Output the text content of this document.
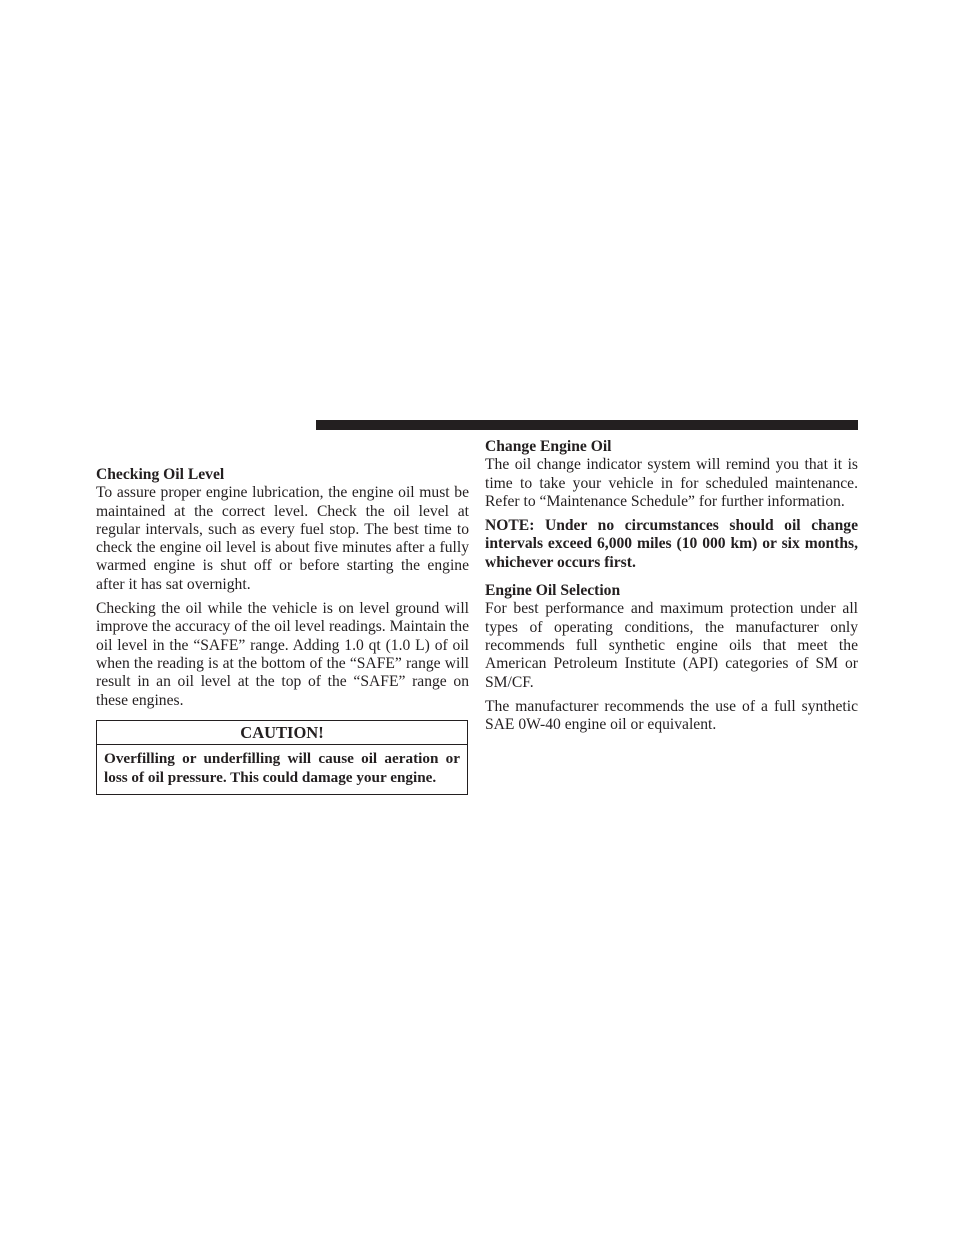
Checking Oil Level

To assure proper engine lubrication, the engine oil must be maintained at the correct level. Check the oil level at regular intervals, such as every fuel stop. The best time to check the engine oil level is about five minutes after a fully warmed engine is shut off or before starting the engine after it has sat overnight.

Checking the oil while the vehicle is on level ground will improve the accuracy of the oil level readings. Maintain the oil level in the “SAFE” range. Adding 1.0 qt (1.0 L) of oil when the reading is at the bottom of the “SAFE” range will result in an oil level at the top of the “SAFE” range on these engines.

CAUTION!
Overfilling or underfilling will cause oil aeration or loss of oil pressure. This could damage your engine.
Change Engine Oil

The oil change indicator system will remind you that it is time to take your vehicle in for scheduled maintenance. Refer to “Maintenance Schedule” for further information.

NOTE: Under no circumstances should oil change intervals exceed 6,000 miles (10 000 km) or six months, whichever occurs first.

Engine Oil Selection

For best performance and maximum protection under all types of operating conditions, the manufacturer only recommends full synthetic engine oils that meet the American Petroleum Institute (API) categories of SM or SM/CF.

The manufacturer recommends the use of a full synthetic SAE 0W-40 engine oil or equivalent.
